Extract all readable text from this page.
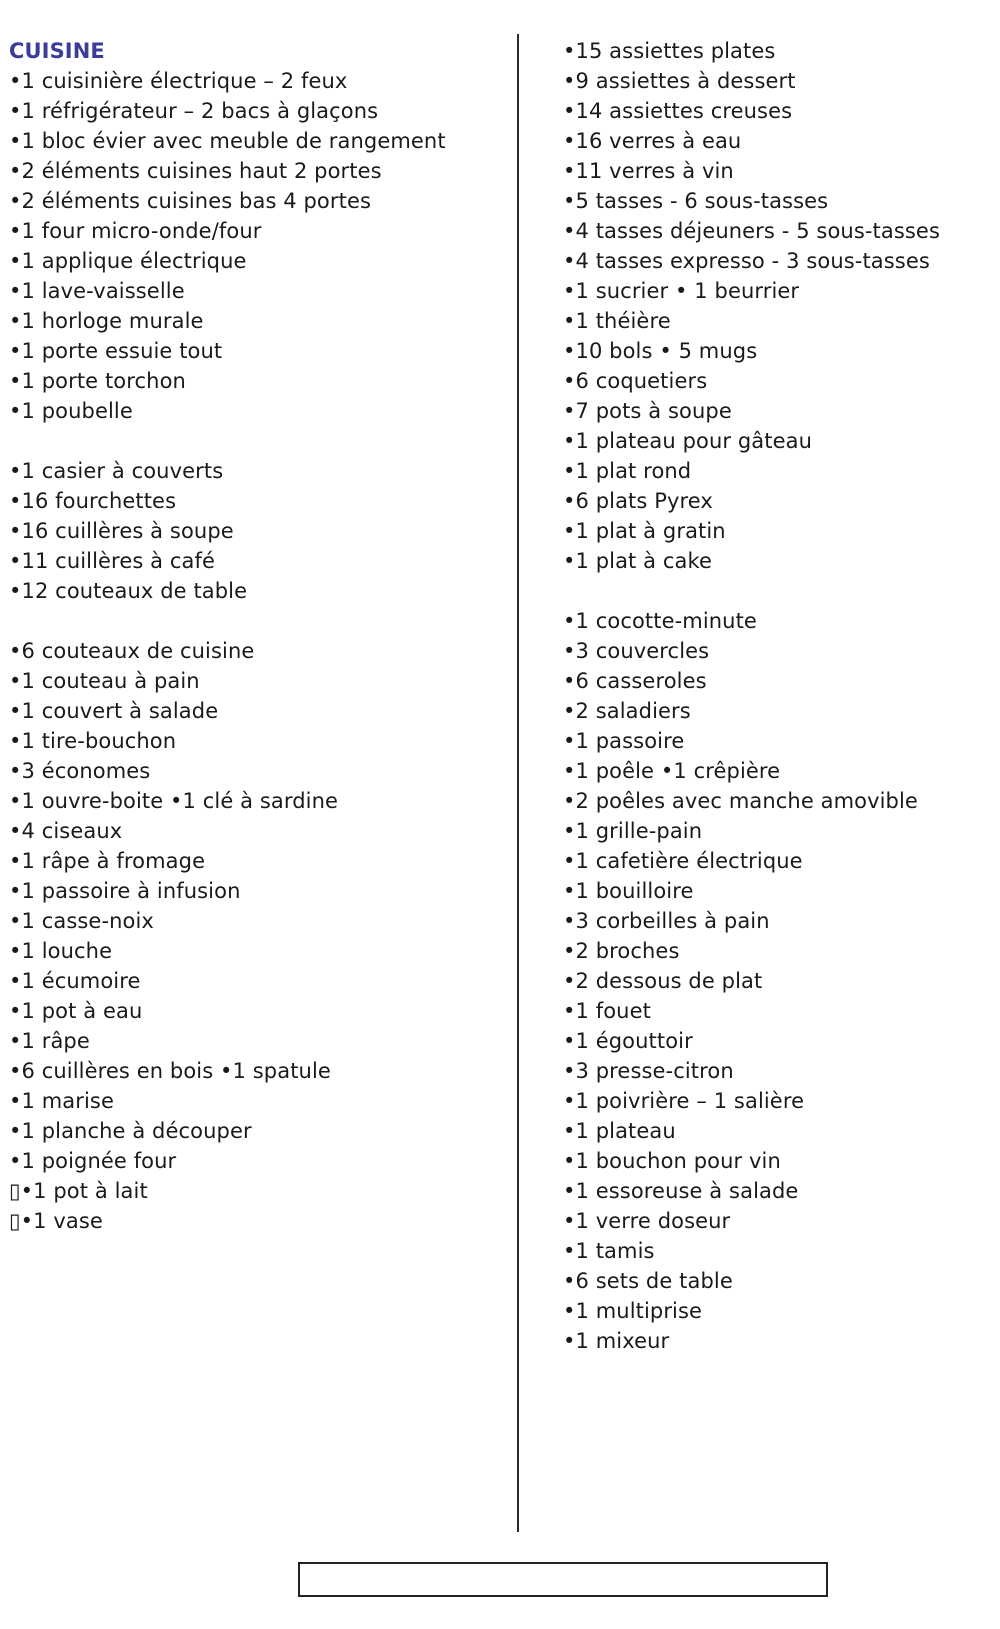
CUISINE
•1 cuisinière électrique – 2 feux
•1 réfrigérateur – 2 bacs à glaçons
•1 bloc évier avec meuble de rangement
•2 éléments cuisines haut 2 portes
•2 éléments cuisines bas 4 portes
•1 four micro-onde/four
•1 applique électrique
•1 lave-vaisselle
•1 horloge murale
•1 porte essuie tout
•1 porte torchon
•1 poubelle
•1 casier à couverts
•16 fourchettes
•16 cuillères à soupe
•11 cuillères à café
•12 couteaux de table
•6 couteaux de cuisine
•1 couteau à pain
•1 couvert à salade
•1 tire-bouchon
•3 économes
•1 ouvre-boite •1 clé à sardine
•4 ciseaux
•1 râpe à fromage
•1 passoire à infusion
•1 casse-noix
•1 louche
•1 écumoire
•1 pot à eau
•1 râpe
•6 cuillères en bois •1 spatule
•1 marise
•1 planche à découper
•1 poignée four
▯•1 pot à lait
▯•1 vase
•15 assiettes plates
•9 assiettes à dessert
•14 assiettes creuses
•16 verres à eau
•11 verres à vin
•5 tasses - 6 sous-tasses
•4 tasses déjeuners - 5 sous-tasses
•4 tasses expresso - 3 sous-tasses
•1 sucrier • 1 beurrier
•1 théière
•10 bols • 5 mugs
•6 coquetiers
•7 pots à soupe
•1 plateau pour gâteau
•1 plat rond
•6 plats Pyrex
•1 plat à gratin
•1 plat à cake
•1 cocotte-minute
•3 couvercles
•6 casseroles
•2 saladiers
•1 passoire
•1 poêle •1 crêpière
•2 poêles avec manche amovible
•1 grille-pain
•1 cafetière électrique
•1 bouilloire
•3 corbeilles à pain
•2 broches
•2 dessous de plat
•1 fouet
•1 égouttoir
•3 presse-citron
•1 poivrière – 1 salière
•1 plateau
•1 bouchon pour vin
•1 essoreuse à salade
•1 verre doseur
•1 tamis
•6 sets de table
•1 multiprise
•1 mixeur
